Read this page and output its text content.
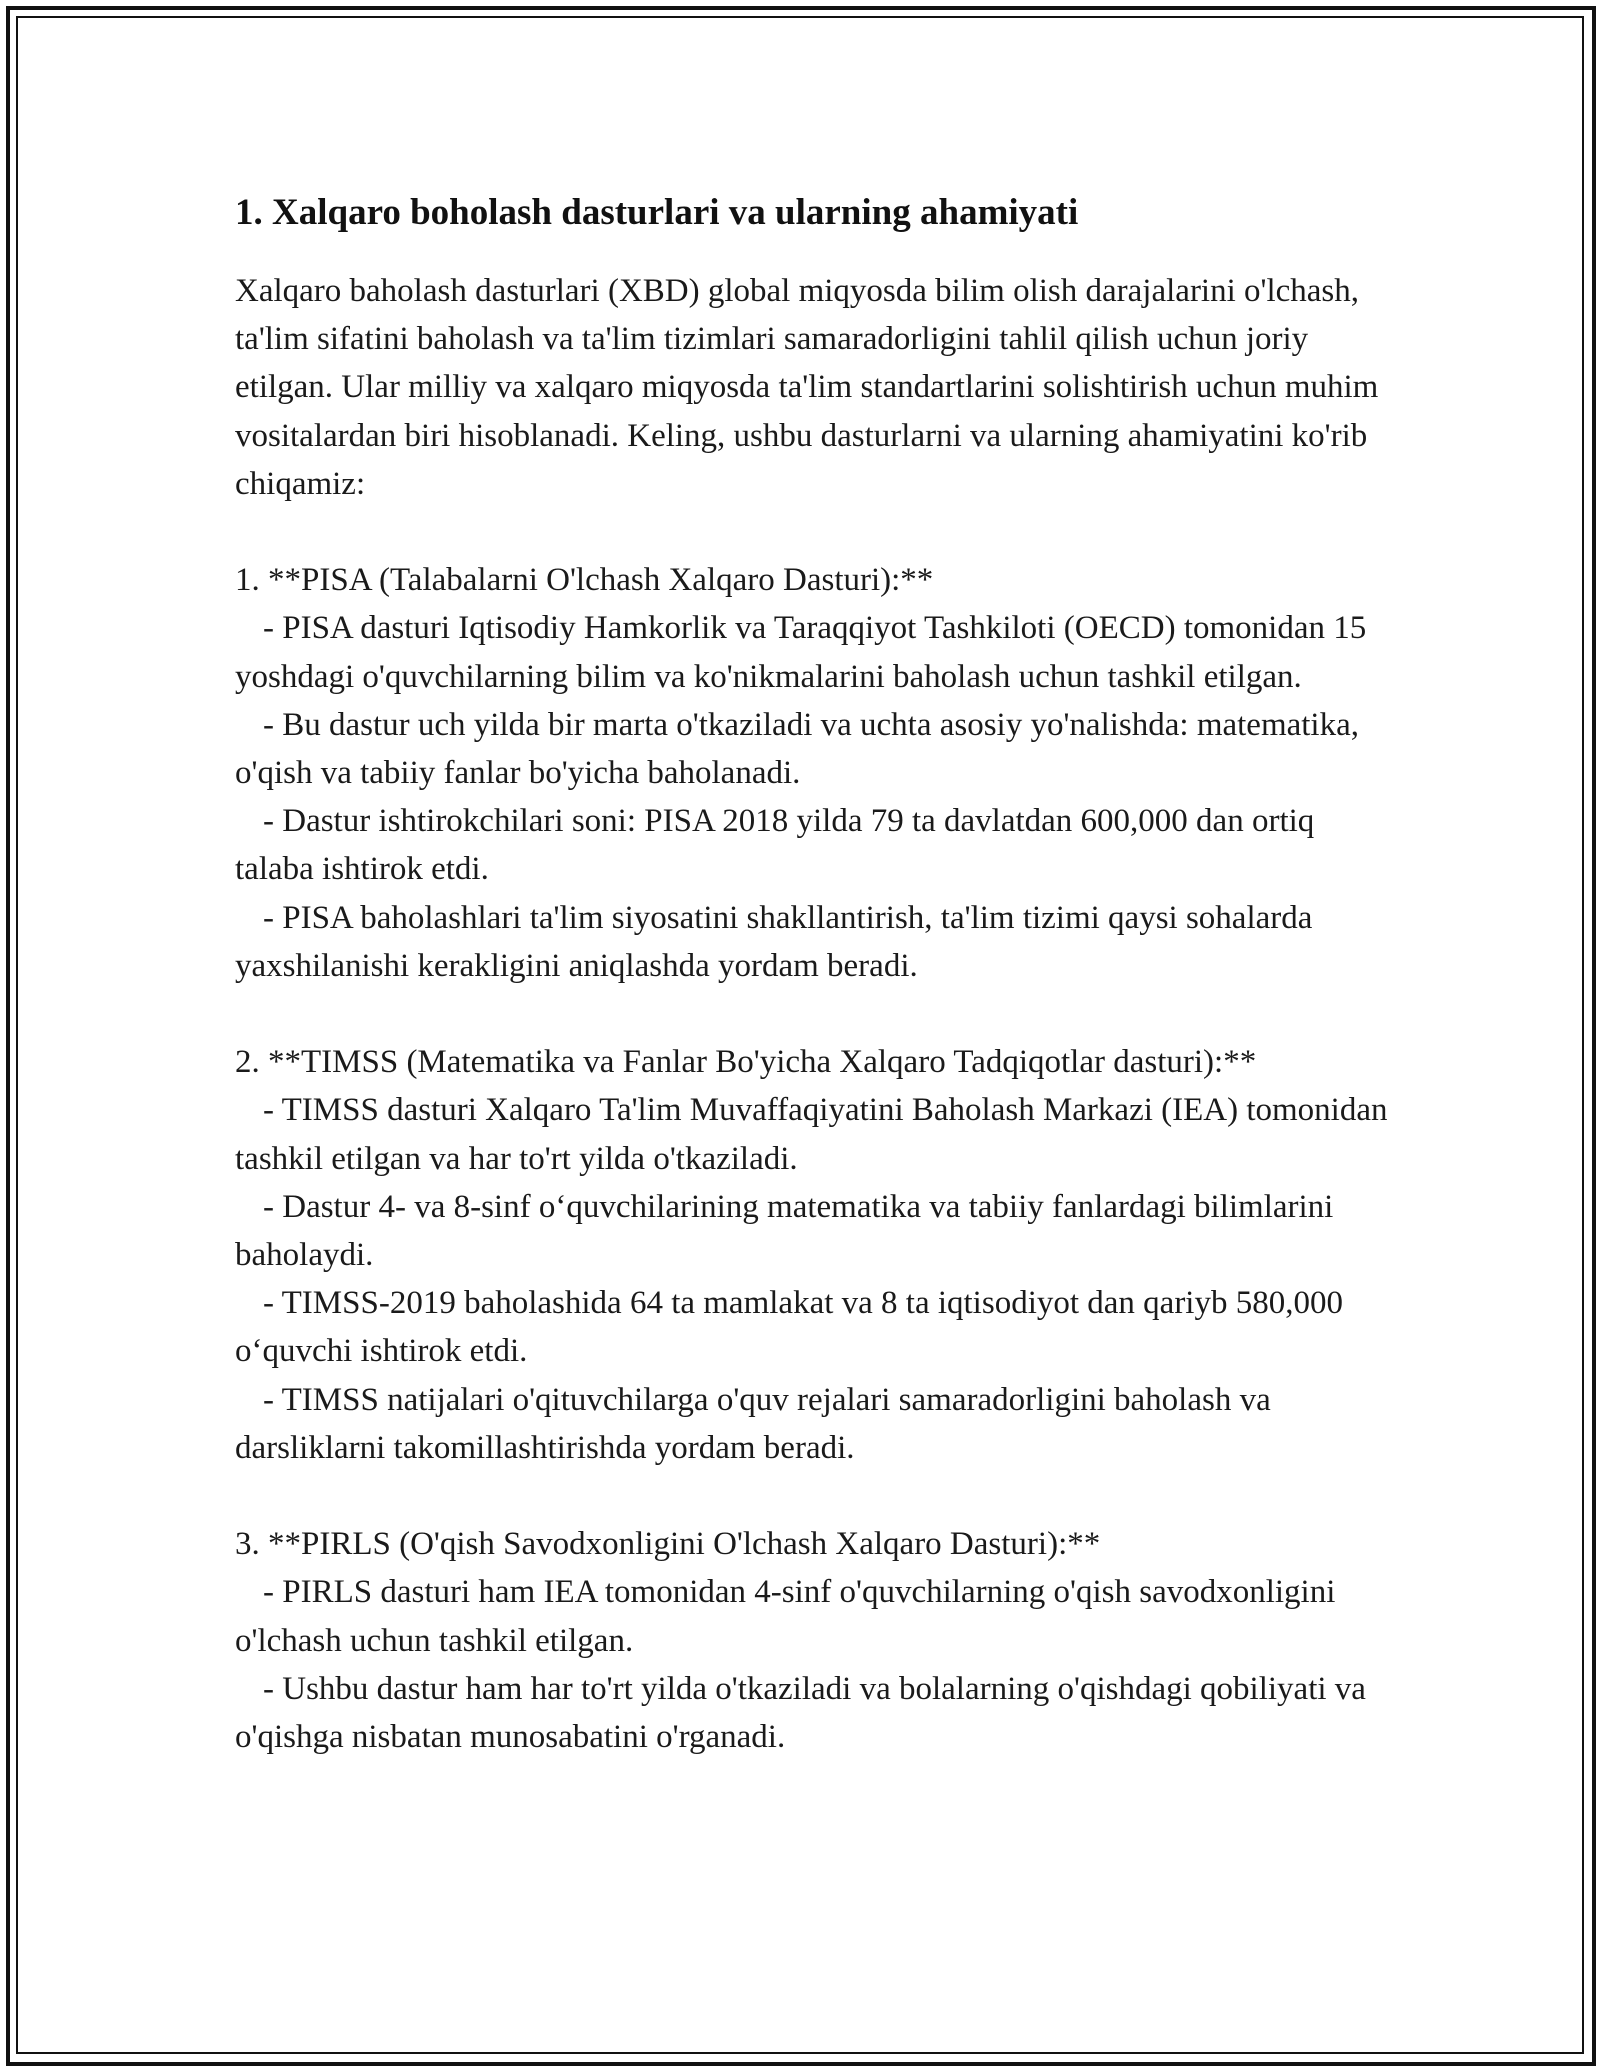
1. Xalqaro boholash dasturlari va ularning ahamiyati

Xalqaro baholash dasturlari (XBD) global miqyosda bilim olish darajalarini o'lchash, ta'lim sifatini baholash va ta'lim tizimlari samaradorligini tahlil qilish uchun joriy etilgan. Ular milliy va xalqaro miqyosda ta'lim standartlarini solishtirish uchun muhim vositalardan biri hisoblanadi. Keling, ushbu dasturlarni va ularning ahamiyatini ko'rib chiqamiz:

1. **PISA (Talabalarni O'lchash Xalqaro Dasturi):**

- PISA dasturi Iqtisodiy Hamkorlik va Taraqqiyot Tashkiloti (OECD) tomonidan 15 yoshdagi o'quvchilarning bilim va ko'nikmalarini baholash uchun tashkil etilgan.

- Bu dastur uch yilda bir marta o'tkaziladi va uchta asosiy yo'nalishda: matematika, o'qish va tabiiy fanlar bo'yicha baholanadi.

- Dastur ishtirokchilari soni: PISA 2018 yilda 79 ta davlatdan 600,000 dan ortiq talaba ishtirok etdi.

- PISA baholashlari ta'lim siyosatini shakllantirish, ta'lim tizimi qaysi sohalarda yaxshilanishi kerakligini aniqlashda yordam beradi.

2. **TIMSS (Matematika va Fanlar Bo'yicha Xalqaro Tadqiqotlar dasturi):**

- TIMSS dasturi Xalqaro Ta'lim Muvaffaqiyatini Baholash Markazi (IEA) tomonidan tashkil etilgan va har to'rt yilda o'tkaziladi.

- Dastur 4- va 8-sinf o‘quvchilarining matematika va tabiiy fanlardagi bilimlarini baholaydi.

- TIMSS-2019 baholashida 64 ta mamlakat va 8 ta iqtisodiyot dan qariyb 580,000 o‘quvchi ishtirok etdi.

- TIMSS natijalari o'qituvchilarga o'quv rejalari samaradorligini baholash va darsliklarni takomillashtirishda yordam beradi.

3. **PIRLS (O'qish Savodxonligini O'lchash Xalqaro Dasturi):**

- PIRLS dasturi ham IEA tomonidan 4-sinf o'quvchilarning o'qish savodxonligini o'lchash uchun tashkil etilgan.

- Ushbu dastur ham har to'rt yilda o'tkaziladi va bolalarning o'qishdagi qobiliyati va o'qishga nisbatan munosabatini o'rganadi.
